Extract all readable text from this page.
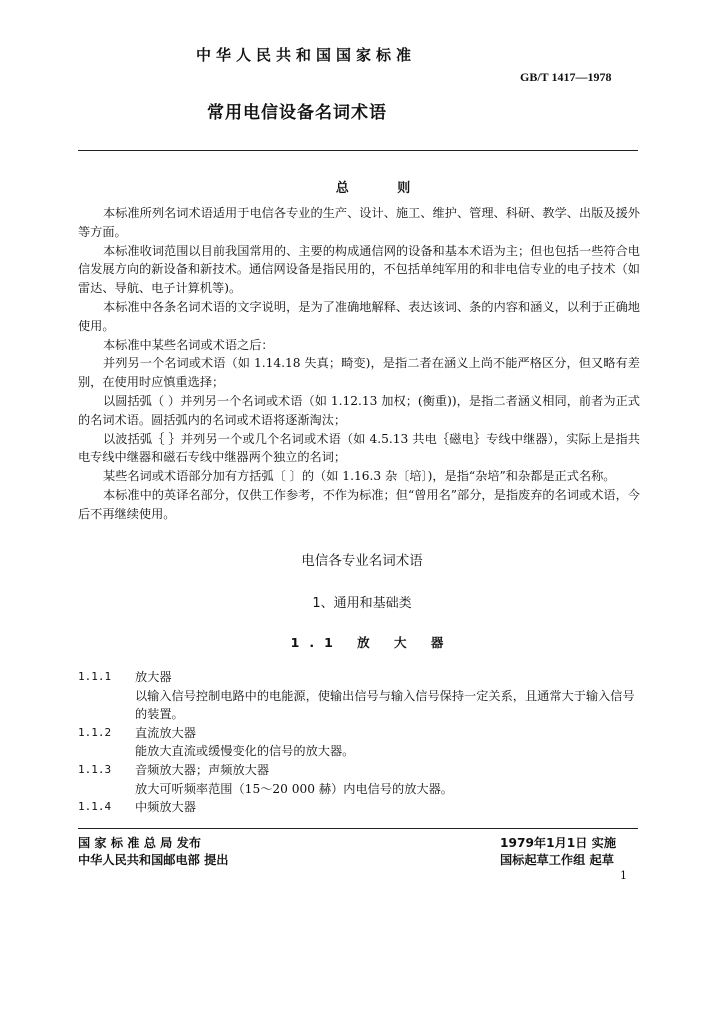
中华人民共和国国家标准
GB/T 1417—1978
常用电信设备名词术语
总 则

本标准所列名词术语适用于电信各专业的生产、设计、施工、维护、管理、科研、教学、出版及援外等方面。

本标准收词范围以目前我国常用的、主要的构成通信网的设备和基本术语为主；但也包括一些符合电信发展方向的新设备和新技术。通信网设备是指民用的，不包括单纯军用的和非电信专业的电子技术（如雷达、导航、电子计算机等)。

本标准中各条名词术语的文字说明，是为了准确地解释、表达该词、条的内容和涵义，以利于正确地使用。

本标准中某些名词或术语之后：

并列另一个名词或术语（如 1.14.18 失真；畸变)，是指二者在涵义上尚不能严格区分，但又略有差别，在使用时应慎重选择；

以圆括弧（ ）并列另一个名词或术语（如 1.12.13 加权；(衡重))，是指二者涵义相同，前者为正式的名词术语。圆括弧内的名词或术语将逐渐淘汰；

以波括弧｛ ｝并列另一个或几个名词或术语（如 4.5.13 共电｛磁电｝专线中继器），实际上是指共电专线中继器和磁石专线中继器两个独立的名词；

某些名词或术语部分加有方括弧〔 〕的（如 1.16.3 杂〔培〕)，是指“杂培”和杂都是正式名称。

本标准中的英译名部分，仅供工作参考，不作为标准；但“曾用名”部分，是指废弃的名词或术语，今后不再继续使用。

电信各专业名词术语
1、通用和基础类
1.1 放 大 器
1.1.1	放大器
以输入信号控制电路中的电能源，使输出信号与输入信号保持一定关系，且通常大于输入信号的装置。
1.1.2	直流放大器
能放大直流或缓慢变化的信号的放大器。
1.1.3	音频放大器；声频放大器
放大可听频率范围（15～20 000 赫）内电信号的放大器。
1.1.4	中频放大器
国 家 标 准 总 局 发布
中华人民共和国邮电部 提出
1979年1月1日 实施
国标起草工作组 起草
1
